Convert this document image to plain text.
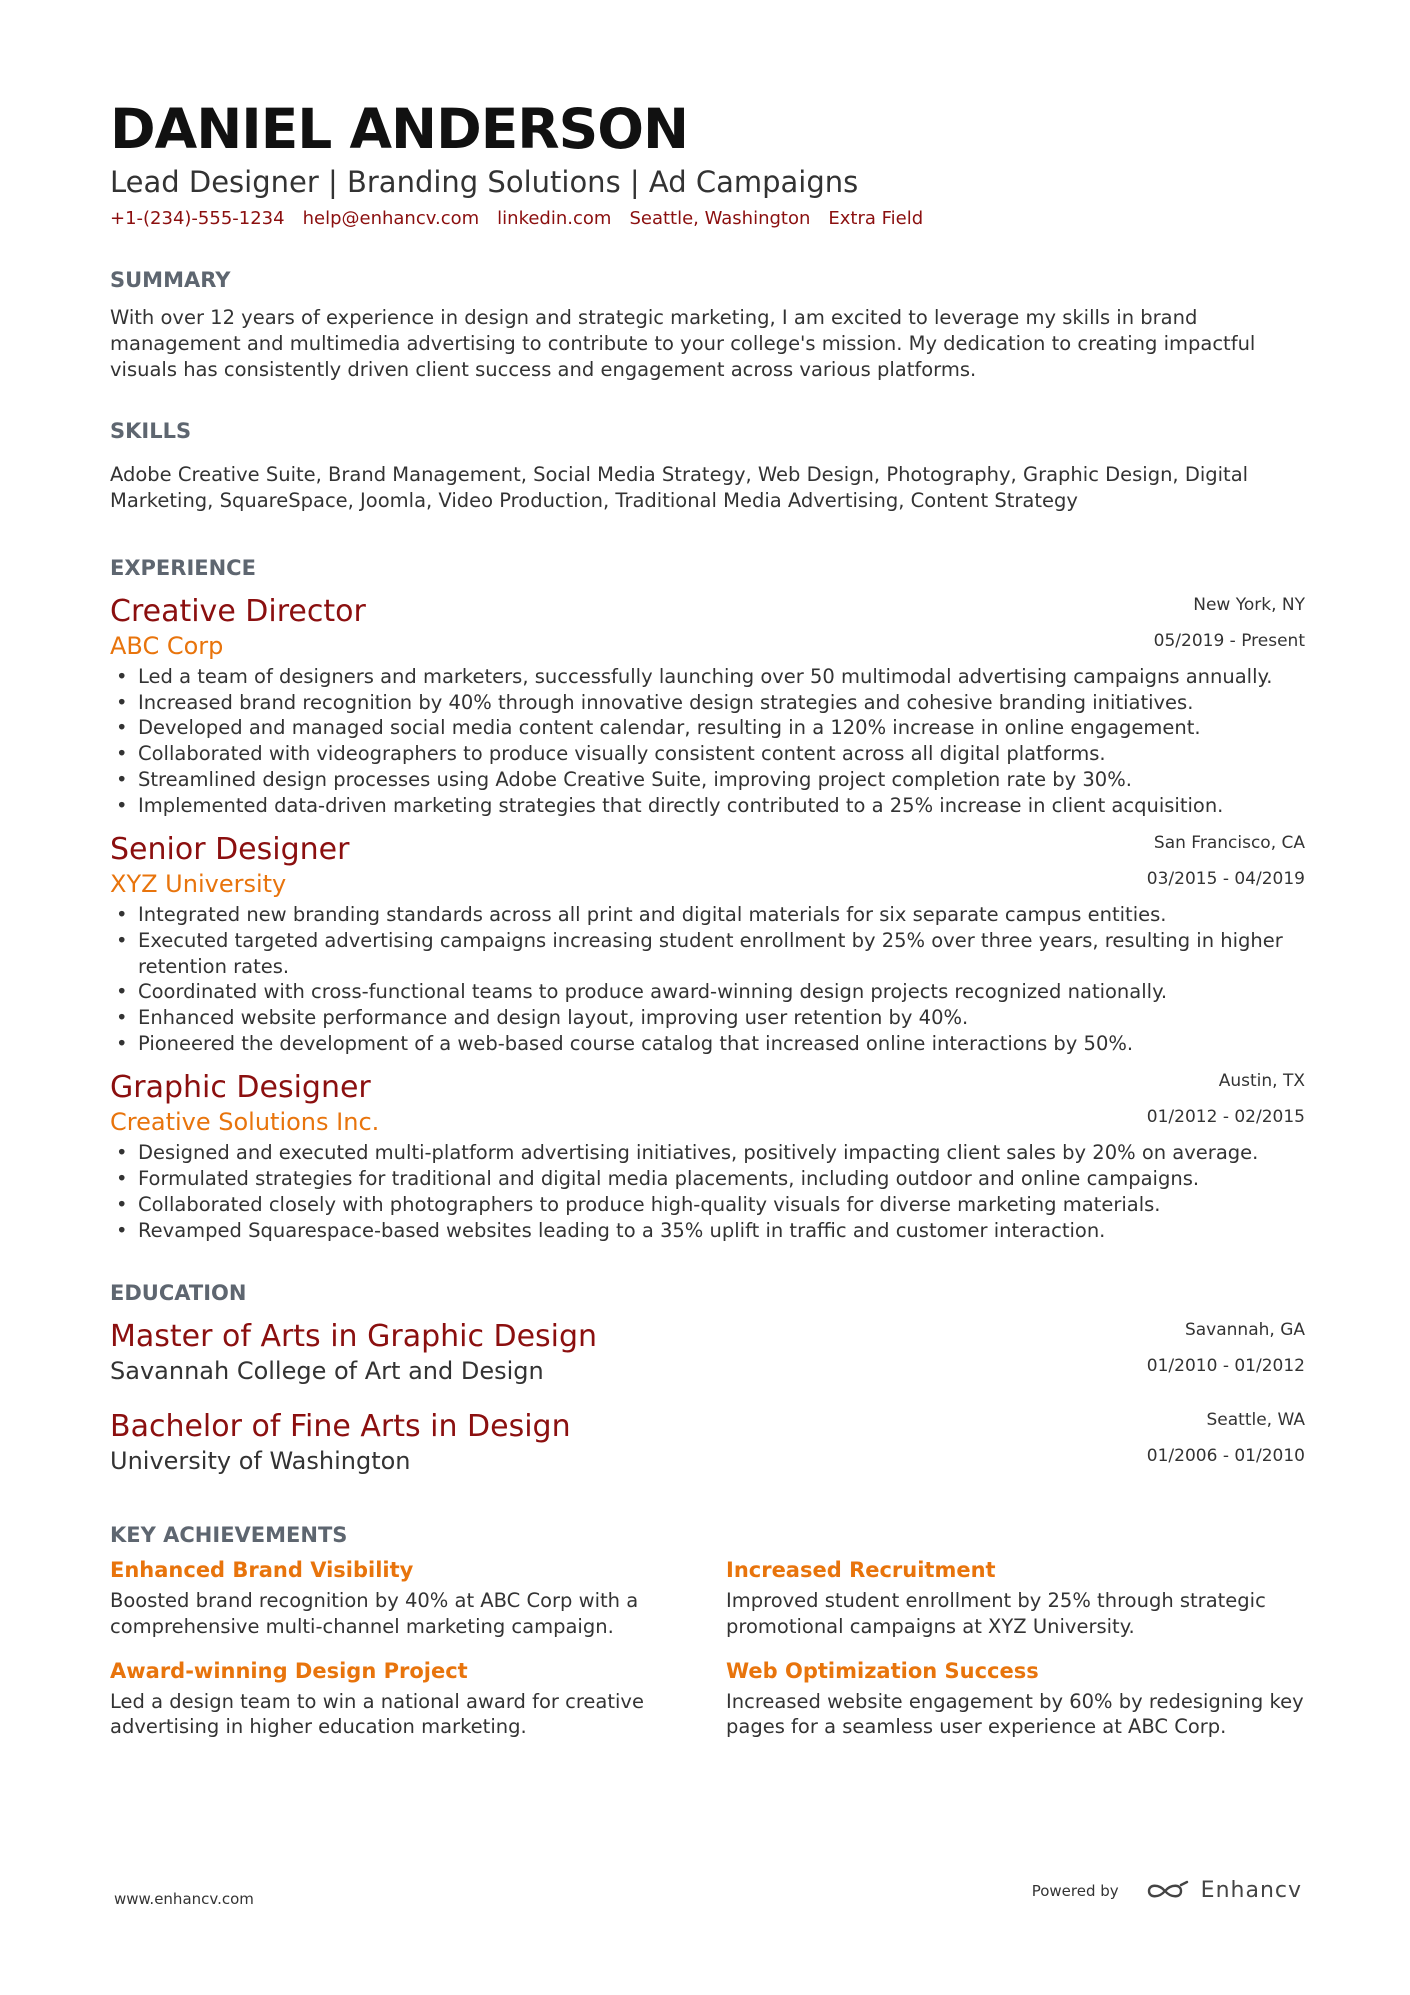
DANIEL ANDERSON
Lead Designer | Branding Solutions | Ad Campaigns
+1-(234)-555-1234 help@enhancv.com linkedin.com Seattle, Washington Extra Field
SUMMARY
With over 12 years of experience in design and strategic marketing, I am excited to leverage my skills in brand management and multimedia advertising to contribute to your college's mission. My dedication to creating impactful visuals has consistently driven client success and engagement across various platforms.
SKILLS
Adobe Creative Suite, Brand Management, Social Media Strategy, Web Design, Photography, Graphic Design, Digital Marketing, SquareSpace, Joomla, Video Production, Traditional Media Advertising, Content Strategy
EXPERIENCE
New York, NY
05/2019 - Present
Creative Director
ABC Corp
• Led a team of designers and marketers, successfully launching over 50 multimodal advertising campaigns annually.
• Increased brand recognition by 40% through innovative design strategies and cohesive branding initiatives.
• Developed and managed social media content calendar, resulting in a 120% increase in online engagement.
• Collaborated with videographers to produce visually consistent content across all digital platforms.
• Streamlined design processes using Adobe Creative Suite, improving project completion rate by 30%.
• Implemented data-driven marketing strategies that directly contributed to a 25% increase in client acquisition.
San Francisco, CA
03/2015 - 04/2019
Senior Designer
XYZ University
• Integrated new branding standards across all print and digital materials for six separate campus entities.
• Executed targeted advertising campaigns increasing student enrollment by 25% over three years, resulting in higher retention rates.
• Coordinated with cross-functional teams to produce award-winning design projects recognized nationally.
• Enhanced website performance and design layout, improving user retention by 40%.
• Pioneered the development of a web-based course catalog that increased online interactions by 50%.
Austin, TX
01/2012 - 02/2015
Graphic Designer
Creative Solutions Inc.
• Designed and executed multi-platform advertising initiatives, positively impacting client sales by 20% on average.
• Formulated strategies for traditional and digital media placements, including outdoor and online campaigns.
• Collaborated closely with photographers to produce high-quality visuals for diverse marketing materials.
• Revamped Squarespace-based websites leading to a 35% uplift in traffic and customer interaction.
EDUCATION
Savannah, GA
01/2010 - 01/2012
Master of Arts in Graphic Design
Savannah College of Art and Design
Seattle, WA
01/2006 - 01/2010
Bachelor of Fine Arts in Design
University of Washington
KEY ACHIEVEMENTS
Enhanced Brand Visibility
Boosted brand recognition by 40% at ABC Corp with a comprehensive multi-channel marketing campaign.
Increased Recruitment
Improved student enrollment by 25% through strategic promotional campaigns at XYZ University.
Award-winning Design Project
Led a design team to win a national award for creative advertising in higher education marketing.
Web Optimization Success
Increased website engagement by 60% by redesigning key pages for a seamless user experience at ABC Corp.
www.enhancv.com	Powered by	Enhancv
